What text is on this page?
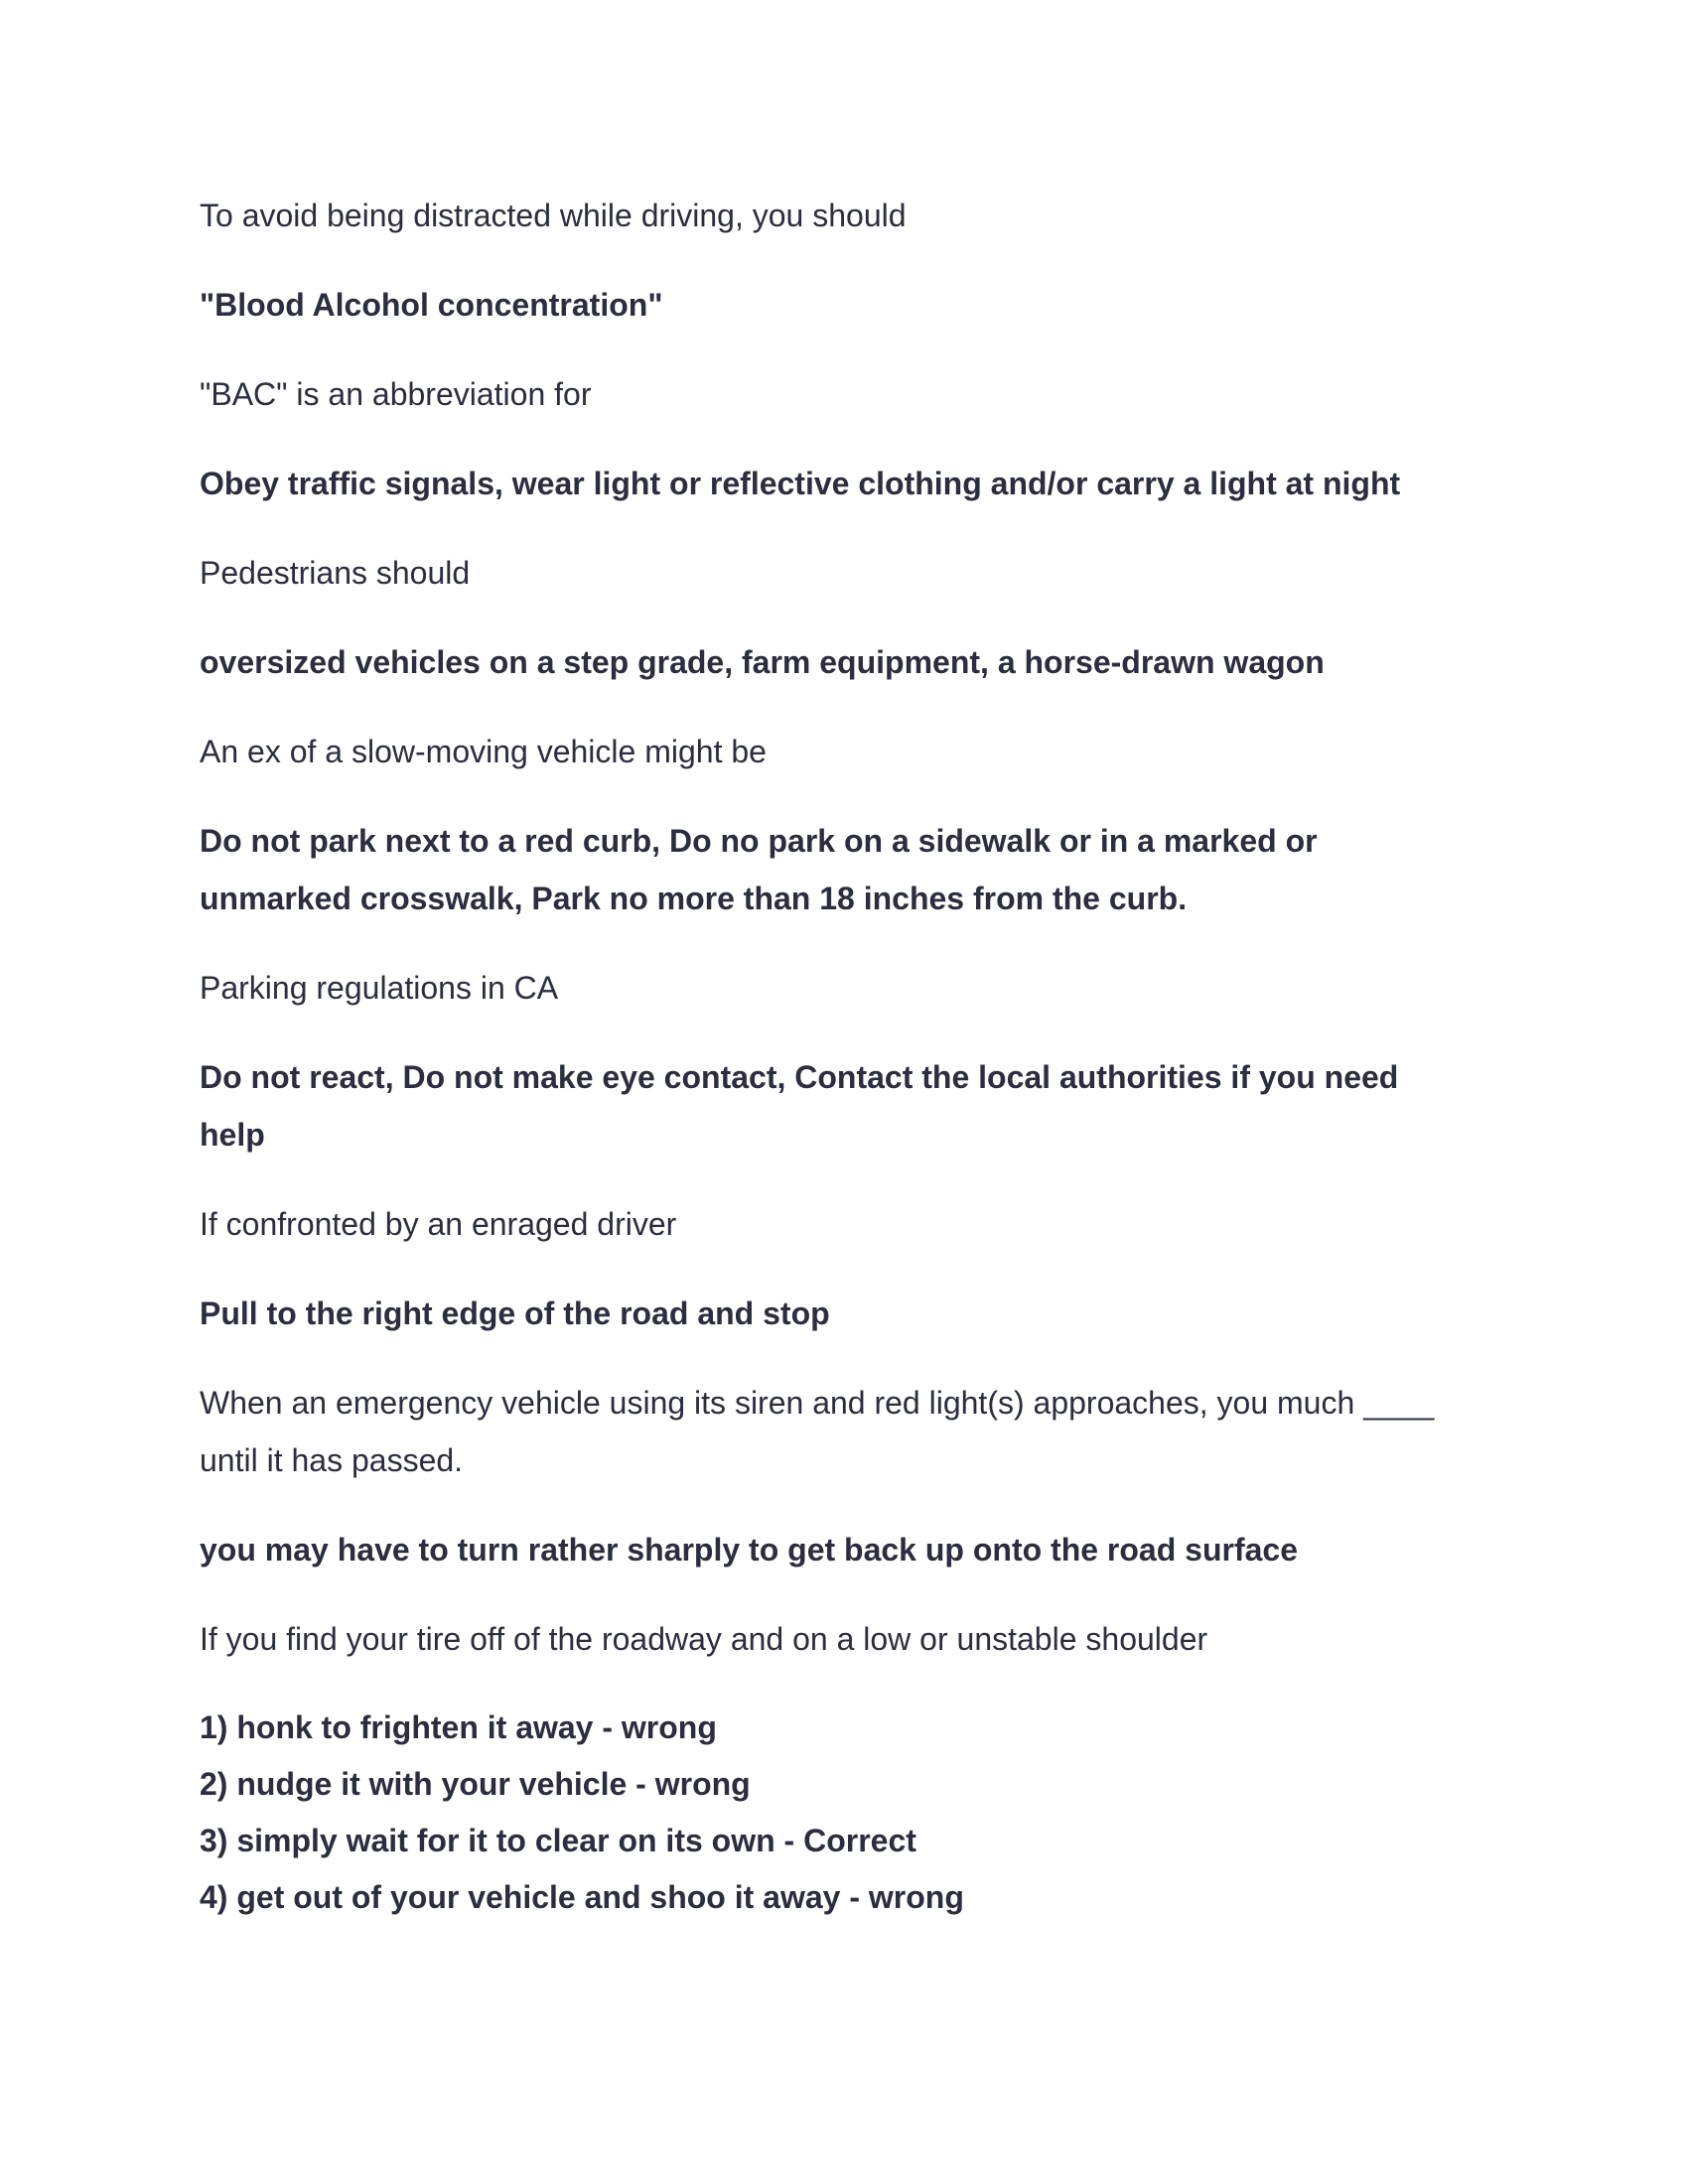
To avoid being distracted while driving, you should

"Blood Alcohol concentration"

"BAC" is an abbreviation for

Obey traffic signals, wear light or reflective clothing and/or carry a light at night

Pedestrians should

oversized vehicles on a step grade, farm equipment, a horse-drawn wagon

An ex of a slow-moving vehicle might be

Do not park next to a red curb, Do no park on a sidewalk or in a marked or
unmarked crosswalk, Park no more than 18 inches from the curb.

Parking regulations in CA

Do not react, Do not make eye contact, Contact the local authorities if you need
help

If confronted by an enraged driver

Pull to the right edge of the road and stop

When an emergency vehicle using its siren and red light(s) approaches, you much ____
until it has passed.

you may have to turn rather sharply to get back up onto the road surface

If you find your tire off of the roadway and on a low or unstable shoulder

1) honk to frighten it away - wrong
2) nudge it with your vehicle - wrong
3) simply wait for it to clear on its own - Correct
4) get out of your vehicle and shoo it away - wrong
